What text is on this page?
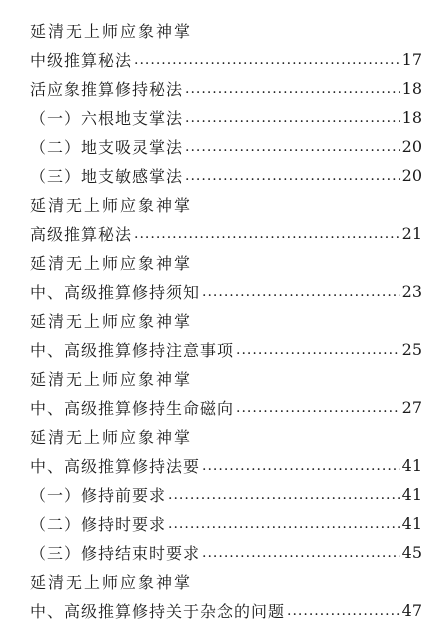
延清无上师应象神掌
中级推算秘法 .....	17
活应象推算修持秘法 .....	18
（一）六根地支掌法 .....	18
（二）地支吸灵掌法 .....	20
（三）地支敏感掌法 .....	20
延清无上师应象神掌
高级推算秘法 .....	21
延清无上师应象神掌
中、高级推算修持须知 .....	23
延清无上师应象神掌
中、高级推算修持注意事项 .....	25
延清无上师应象神掌
中、高级推算修持生命磁向 .....	27
延清无上师应象神掌
中、高级推算修持法要 .....	41
（一）修持前要求 .....	41
（二）修持时要求 .....	41
（三）修持结束时要求 .....	45
延清无上师应象神掌
中、高级推算修持关于杂念的问题 .....	47
